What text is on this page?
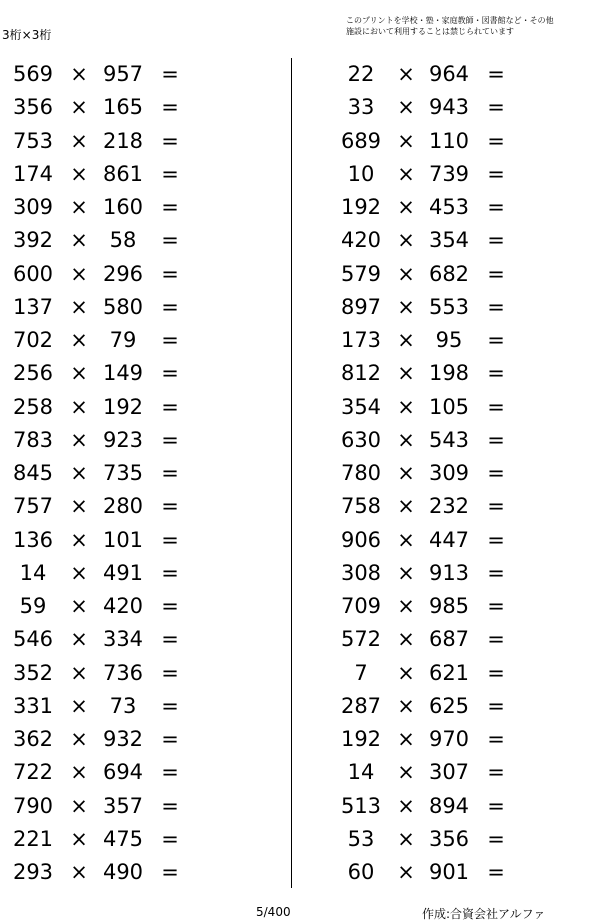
3桁×3桁
このプリントを学校・塾・家庭教師・図書館など・その他
施設において利用することは禁じられています
569 × 957 =
356 × 165 =
753 × 218 =
174 × 861 =
309 × 160 =
392 ×	58	=
600 × 296 =
137 × 580 =
702 ×	79	=
256 × 149 =
258 × 192 =
783 × 923 =
845 × 735 =
757 × 280 =
136 × 101 =
14	× 491 =
59	× 420 =
546 × 334 =
352 × 736 =
331 ×	73	=
362 × 932 =
722 × 694 =
790 × 357 =
221 × 475 =
293 × 490 =
22	× 964 =
33	× 943 =
689 × 110 =
10	× 739 =
192 × 453 =
420 × 354 =
579 × 682 =
897 × 553 =
173 × 95	=
812 × 198 =
354 × 105 =
630 × 543 =
780 × 309 =
758 × 232 =
906 × 447 =
308 × 913 =
709 × 985 =
572 × 687 =
7	× 621 =
287 × 625 =
192 × 970 =
14	× 307 =
513 × 894 =
53	× 356 =
60	× 901 =
5/400	作成:合資会社アルファ
